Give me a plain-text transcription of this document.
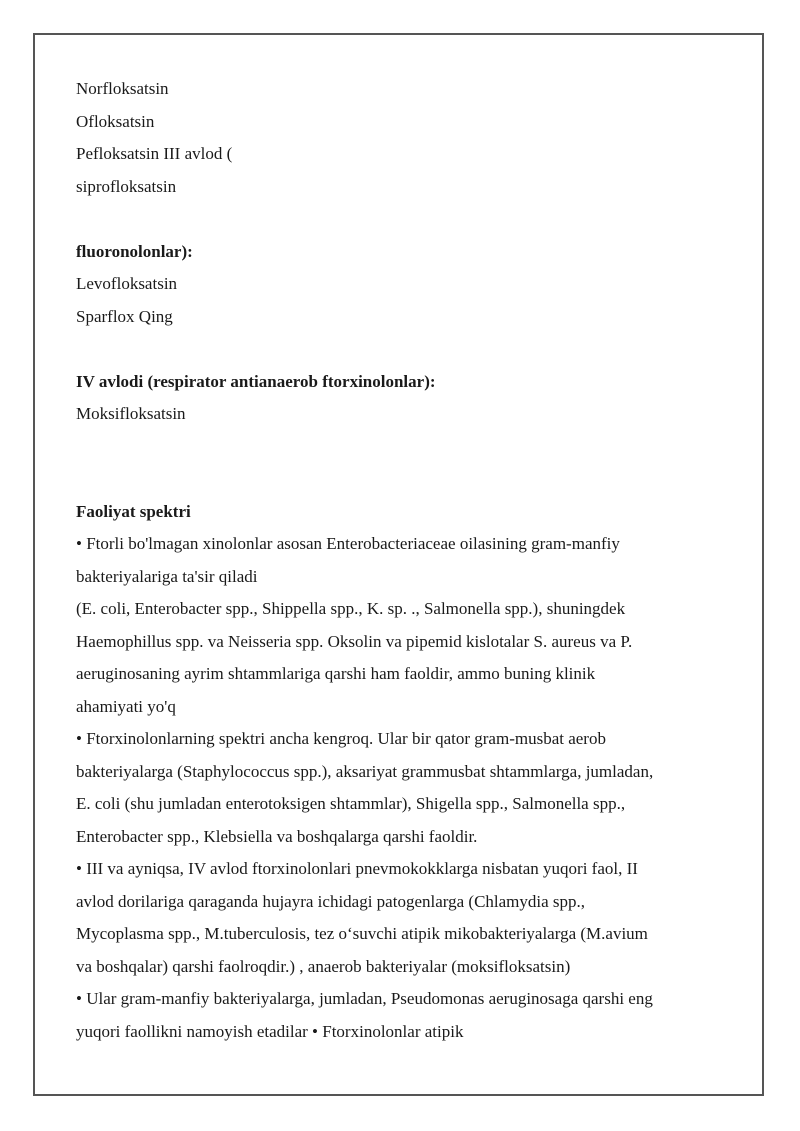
Norfloksatsin
Ofloksatsin
Pefloksatsin III avlod (
siprofloksatsin
fluoronolonlar):
Levofloksatsin
Sparflox Qing
IV avlodi (respirator antianaerob ftorxinolonlar):
Moksifloksatsin
Faoliyat spektri
• Ftorli bo'lmagan xinolonlar asosan Enterobacteriaceae oilasining gram-manfiy
bakteriyalariga ta'sir qiladi
(E. coli, Enterobacter spp., Shippella spp., K. sp. ., Salmonella spp.), shuningdek
Haemophillus spp. va Neisseria spp. Oksolin va pipemid kislotalar S. aureus va P.
aeruginosaning ayrim shtammlariga qarshi ham faoldir, ammo buning klinik
ahamiyati yo'q
• Ftorxinolonlarning spektri ancha kengroq. Ular bir qator gram-musbat aerob
bakteriyalarga (Staphylococcus spp.), aksariyat grammusbat shtammlarga, jumladan,
E. coli (shu jumladan enterotoksigen shtammlar), Shigella spp., Salmonella spp.,
Enterobacter spp., Klebsiella va boshqalarga qarshi faoldir.
• III va ayniqsa, IV avlod ftorxinolonlari pnevmokokklarga nisbatan yuqori faol, II
avlod dorilariga qaraganda hujayra ichidagi patogenlarga (Chlamydia spp.,
Mycoplasma spp., M.tuberculosis, tez o‘suvchi atipik mikobakteriyalarga (M.avium
va boshqalar) qarshi faolroqdir.) , anaerob bakteriyalar (moksifloksatsin)
• Ular gram-manfiy bakteriyalarga, jumladan, Pseudomonas aeruginosaga qarshi eng
yuqori faollikni namoyish etadilar • Ftorxinolonlar atipik
